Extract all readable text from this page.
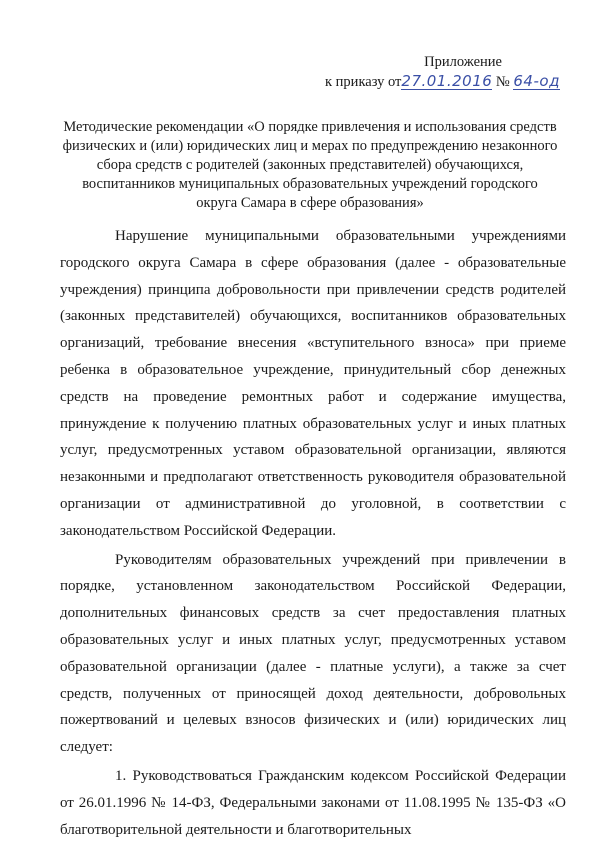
Приложение
к приказу от27.01.2016 № 64-од
Методические рекомендации «О порядке привлечения и использования средств физических и (или) юридических лиц и мерах по предупреждению незаконного сбора средств с родителей (законных представителей) обучающихся, воспитанников муниципальных образовательных учреждений городского округа Самара в сфере образования»

Нарушение муниципальными образовательными учреждениями городского округа Самара в сфере образования (далее - образовательные учреждения) принципа добровольности при привлечении средств родителей (законных представителей) обучающихся, воспитанников образовательных организаций, требование внесения «вступительного взноса» при приеме ребенка в образовательное учреждение, принудительный сбор денежных средств на проведение ремонтных работ и содержание имущества, принуждение к получению платных образовательных услуг и иных платных услуг, предусмотренных уставом образовательной организации, являются незаконными и предполагают ответственность руководителя образовательной организации от административной до уголовной, в соответствии с законодательством Российской Федерации.

Руководителям образовательных учреждений при привлечении в порядке, установленном законодательством Российской Федерации, дополнительных финансовых средств за счет предоставления платных образовательных услуг и иных платных услуг, предусмотренных уставом образовательной организации (далее - платные услуги), а также за счет средств, полученных от приносящей доход деятельности, добровольных пожертвований и целевых взносов физических и (или) юридических лиц следует:

1. Руководствоваться Гражданским кодексом Российской Федерации от 26.01.1996 № 14-ФЗ, Федеральными законами от 11.08.1995 № 135-ФЗ «О благотворительной деятельности и благотворительных
